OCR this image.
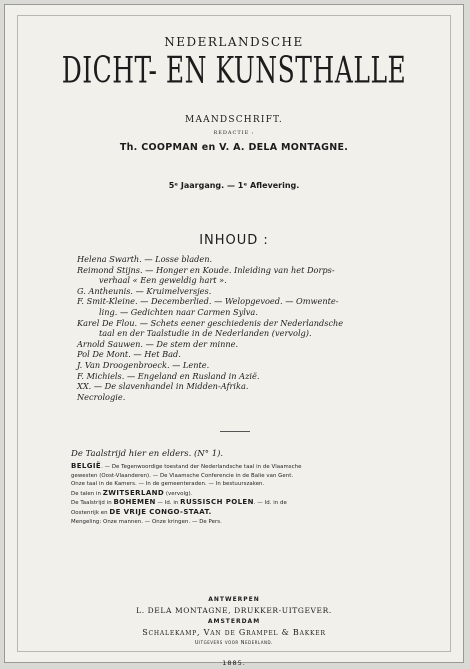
NEDERLANDSCHE
DICHT- EN KUNSTHALLE
MAANDSCHRIFT.
REDACTIE :
Th. COOPMAN en V. A. DELA MONTAGNE.
5ᵉ Jaargang. — 1ᵉ Aflevering.
INHOUD :
Helena Swarth. — Losse bladen.
Reimond Stijns. — Honger en Koude. Inleiding van het Dorps-
verhaal « Een geweldig hart ».
G. Antheunis. — Kruimelversjes.
F. Smit-Kleine. — Decemberlied. — Welopgevoed. — Omwente-
ling. — Gedichten naar Carmen Sylva.
Karel De Flou. — Schets eener geschiedenis der Nederlandsche
taal en der Taalstudie in de Nederlanden (vervolg).
Arnold Sauwen. — De stem der minne.
Pol De Mont. — Het Bad.
J. Van Droogenbroeck. — Lente.
F. Michiels. — Engeland en Rusland in Azië.
XX. — De slavenhandel in Midden-Afrika.
Necrologie.
De Taalstrijd hier en elders. (N° 1).
BELGIË. — De Tegenwoordige toestand der Nederlandsche taal in de Vlaamsche
gewesten (Oost-Vlaanderen). — De Vlaamsche Conferencie in de Balie van Gent.
Onze taal in de Kamers. — In de gemeenteraden. — In bestuurszaken.
De talen in ZWITSERLAND (vervolg).
De Taalstrijd in BOHEMEN — Id. in RUSSISCH POLEN. — Id. in de
Oostenrijk en DE VRIJE CONGO-STAAT.
Mengeling: Onze mannen. — Onze kringen. — De Pers.
ANTWERPEN
L. DELA MONTAGNE, DRUKKER-UITGEVER.
AMSTERDAM
Schalekamp, Van de Grampel & Bakker
Uitgevers voor Nederland.
1885.
